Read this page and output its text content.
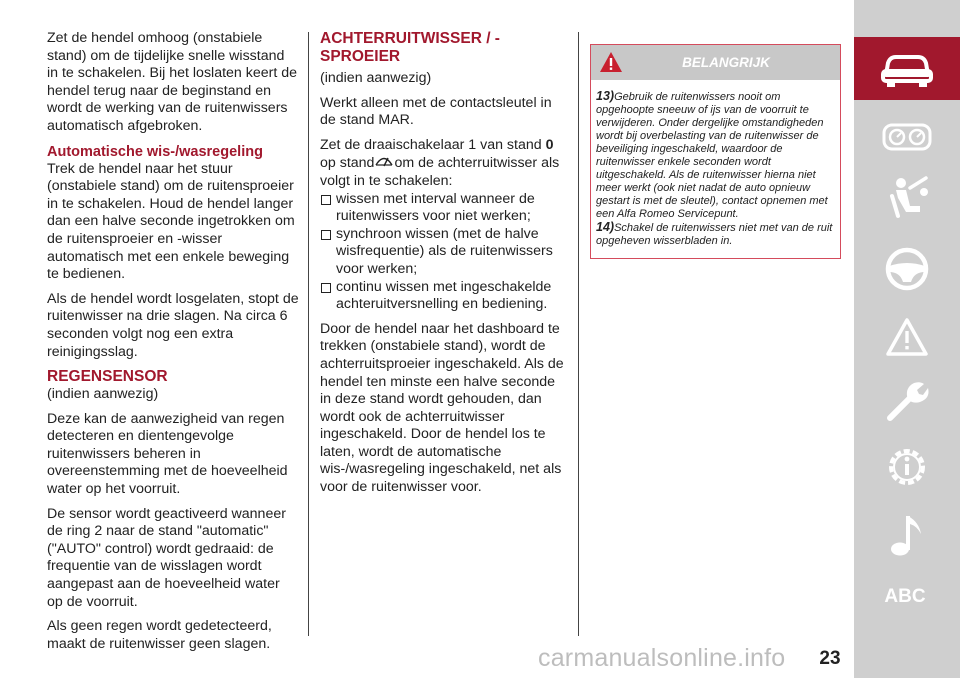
Zet de hendel omhoog (onstabiele stand) om de tijdelijke snelle wisstand in te schakelen. Bij het loslaten keert de hendel terug naar de beginstand en wordt de werking van de ruitenwissers automatisch afgebroken.

Automatische wis-/wasregeling

Trek de hendel naar het stuur (onstabiele stand) om de ruitensproeier in te schakelen. Houd de hendel langer dan een halve seconde ingetrokken om de ruitensproeier en -wisser automatisch met een enkele beweging te bedienen.

Als de hendel wordt losgelaten, stopt de ruitenwisser na drie slagen. Na circa 6 seconden volgt nog een extra reinigingsslag.

REGENSENSOR

(indien aanwezig)

Deze kan de aanwezigheid van regen detecteren en dientengevolge ruitenwissers beheren in overeenstemming met de hoeveelheid water op het voorruit.

De sensor wordt geactiveerd wanneer de ring 2 naar de stand "automatic" ("AUTO" control) wordt gedraaid: de frequentie van de wisslagen wordt aangepast aan de hoeveelheid water op de voorruit.

Als geen regen wordt gedetecteerd, maakt de ruitenwisser geen slagen.

ACHTERRUITWISSER / -SPROEIER

(indien aanwezig)

Werkt alleen met de contactsleutel in de stand MAR.

Zet de draaischakelaar 1 van stand 0 op stand om de achterruitwisser als volgt in te schakelen:

wissen met interval wanneer de ruitenwissers voor niet werken;
synchroon wissen (met de halve wisfrequentie) als de ruitenwissers voor werken;
continu wissen met ingeschakelde achteruitversnelling en bediening.

Door de hendel naar het dashboard te trekken (onstabiele stand), wordt de achterruitsproeier ingeschakeld. Als de hendel ten minste een halve seconde in deze stand wordt gehouden, dan wordt ook de achterruitwisser ingeschakeld. Door de hendel los te laten, wordt de automatische wis-/wasregeling ingeschakeld, net als voor de ruitenwisser voor.

BELANGRIJK

13)Gebruik de ruitenwissers nooit om opgehoopte sneeuw of ijs van de voorruit te verwijderen. Onder dergelijke omstandigheden wordt bij overbelasting van de ruitenwisser de beveiliging ingeschakeld, waardoor de ruitenwisser enkele seconden wordt uitgeschakeld. Als de ruitenwisser hierna niet meer werkt (ook niet nadat de auto opnieuw gestart is met de sleutel), contact opnemen met een Alfa Romeo Servicepunt.

14)Schakel de ruitenwissers niet met van de ruit opgeheven wisserbladen in.

ABC
23
carmanualsonline.info
